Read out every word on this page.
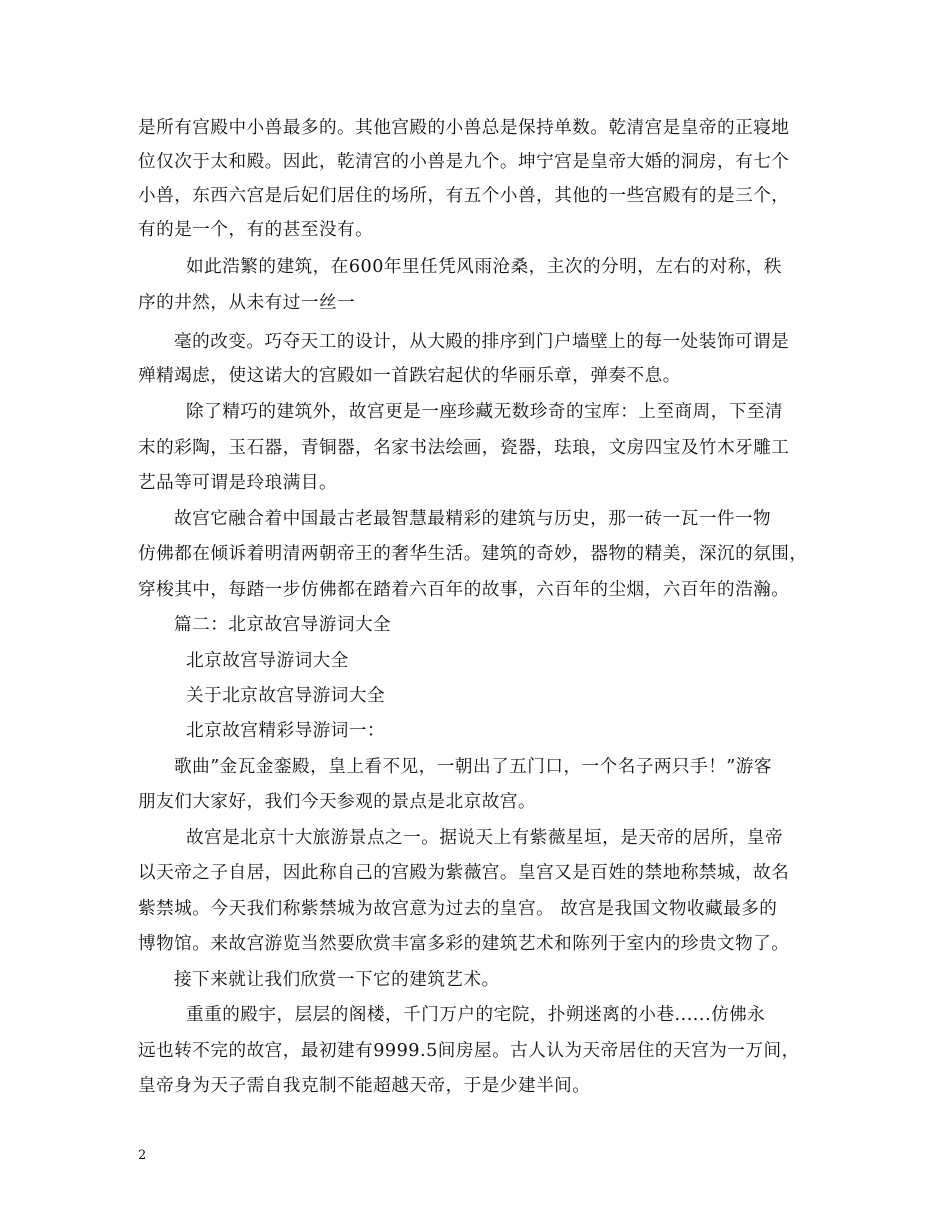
是所有宫殿中小兽最多的。其他宫殿的小兽总是保持单数。乾清宫是皇帝的正寝地
位仅次于太和殿。因此，乾清宫的小兽是九个。坤宁宫是皇帝大婚的洞房，有七个
小兽，东西六宫是后妃们居住的场所，有五个小兽，其他的一些宫殿有的是三个，
有的是一个，有的甚至没有。
如此浩繁的建筑，在600年里任凭风雨沧桑，主次的分明，左右的对称，秩
序的井然，从未有过一丝一
毫的改变。巧夺天工的设计，从大殿的排序到门户墙壁上的每一处装饰可谓是
殚精竭虑，使这诺大的宫殿如一首跌宕起伏的华丽乐章，弹奏不息。
除了精巧的建筑外，故宫更是一座珍藏无数珍奇的宝库：上至商周，下至清
末的彩陶，玉石器，青铜器，名家书法绘画，瓷器，珐琅，文房四宝及竹木牙雕工
艺品等可谓是玲琅满目。
故宫它融合着中国最古老最智慧最精彩的建筑与历史，那一砖一瓦一件一物
仿佛都在倾诉着明清两朝帝王的奢华生活。建筑的奇妙，器物的精美，深沉的氛围，
穿梭其中，每踏一步仿佛都在踏着六百年的故事，六百年的尘烟，六百年的浩瀚。
篇二：北京故宫导游词大全
北京故宫导游词大全
关于北京故宫导游词大全
北京故宫精彩导游词一：
歌曲”金瓦金銮殿，皇上看不见，一朝出了五门口，一个名子两只手！”游客
朋友们大家好，我们今天参观的景点是北京故宫。
故宫是北京十大旅游景点之一。据说天上有紫薇星垣，是天帝的居所，皇帝
以天帝之子自居，因此称自己的宫殿为紫薇宫。皇宫又是百姓的禁地称禁城，故名
紫禁城。今天我们称紫禁城为故宫意为过去的皇宫。 故宫是我国文物收藏最多的
博物馆。来故宫游览当然要欣赏丰富多彩的建筑艺术和陈列于室内的珍贵文物了。
接下来就让我们欣赏一下它的建筑艺术。
重重的殿宇，层层的阁楼，千门万户的宅院，扑朔迷离的小巷......仿佛永
远也转不完的故宫，最初建有9999.5间房屋。古人认为天帝居住的天宫为一万间，
皇帝身为天子需自我克制不能超越天帝，于是少建半间。
2
